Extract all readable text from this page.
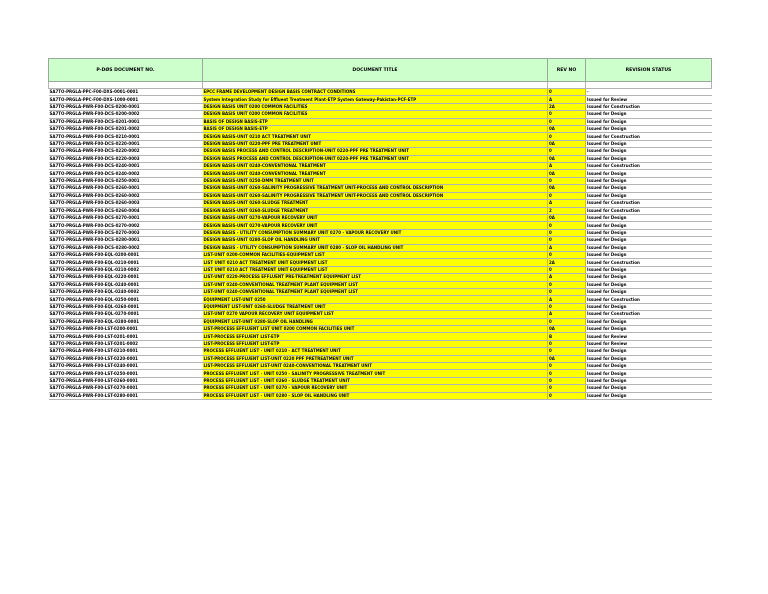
P-DØS DOCUMENT NO.	DOCUMENT TITLE	REV NO	REVISION STATUS

SA7TO-PRGLA-PPC-F00-DXS-0001-0001	EPCC FRAME DEVELOPMENT DESIGN BASIS CONTRACT CONDITIONS	0	-
SA7TO-PRGLA-PPC-F00-DXS-1000-0001	System Integration Study for Effluent Treatment Plant-ETP System Gateway-Pakistan-PCF-ETP	A	Issued for Review
SA7TO-PRGLA-PWR-F00-DCS-0200-0001	DESIGN BASIS UNIT 0200 COMMON FACILITIES	2A	Issued for Construction
SA7TO-PRGLA-PWR-F00-DCS-0200-0002	DESIGN BASIS UNIT 0200 COMMON FACILITIES	0	Issued for Design
SA7TO-PRGLA-PWR-F00-DCS-0201-0001	BASIS OF DESIGN BASIS-ETP	0	Issued for Design
SA7TO-PRGLA-PWR-F00-DCS-0201-0002	BASIS OF DESIGN BASIS-ETP	0A	Issued for Design
SA7TO-PRGLA-PWR-F00-DCS-0210-0001	DESIGN BASIS-UNIT 0210 ACT TREATMENT UNIT	0	Issued for Construction
SA7TO-PRGLA-PWR-F00-DCS-0220-0001	DESIGN BASIS-UNIT 0220-PPF PRE TREATMENT UNIT	0A	Issued for Design
SA7TO-PRGLA-PWR-F00-DCS-0220-0002	DESIGN BASIS PROCESS AND CONTROL DESCRIPTION-UNIT 0220-PPF PRE TREATMENT UNIT	0	Issued for Design
SA7TO-PRGLA-PWR-F00-DCS-0220-0003	DESIGN BASIS PROCESS AND CONTROL DESCRIPTION-UNIT 0220-PPF PRE TREATMENT UNIT	0A	Issued for Design
SA7TO-PRGLA-PWR-F00-DCS-0240-0001	DESIGN BASIS-UNIT 0240-CONVENTIONAL TREATMENT	A	Issued for Construction
SA7TO-PRGLA-PWR-F00-DCS-0240-0002	DESIGN BASIS-UNIT 0240-CONVENTIONAL TREATMENT	0A	Issued for Design
SA7TO-PRGLA-PWR-F00-DCS-0250-0001	DESIGN BASIS-UNIT 0250-DMM TREATMENT UNIT	0	Issued for Design
SA7TO-PRGLA-PWR-F00-DCS-0260-0001	DESIGN BASIS-UNIT 0260-SALINITY PROGRESSIVE TREATMENT UNIT-PROCESS AND CONTROL DESCRIPTION	0A	Issued for Design
SA7TO-PRGLA-PWR-F00-DCS-0260-0002	DESIGN BASIS-UNIT 0260-SALINITY PROGRESSIVE TREATMENT UNIT-PROCESS AND CONTROL DESCRIPTION	0	Issued for Design
SA7TO-PRGLA-PWR-F00-DCS-0260-0003	DESIGN BASIS-UNIT 0260-SLUDGE TREATMENT	A	Issued for Construction
SA7TO-PRGLA-PWR-F00-DCS-0260-0004	DESIGN BASIS-UNIT 0260-SLUDGE TREATMENT	2	Issued for Construction
SA7TO-PRGLA-PWR-F00-DCS-0270-0001	DESIGN BASIS-UNIT 0270-VAPOUR RECOVERY UNIT	0A	Issued for Design
SA7TO-PRGLA-PWR-F00-DCS-0270-0002	DESIGN BASIS-UNIT 0270-VAPOUR RECOVERY UNIT	0	Issued for Design
SA7TO-PRGLA-PWR-F00-DCS-0270-0003	DESIGN BASIS - UTILITY CONSUMPTION SUMMARY UNIT 0270 - VAPOUR RECOVERY UNIT	0	Issued for Design
SA7TO-PRGLA-PWR-F00-DCS-0280-0001	DESIGN BASIS-UNIT 0280-SLOP OIL HANDLING UNIT	0	Issued for Design
SA7TO-PRGLA-PWR-F00-DCS-0280-0002	DESIGN BASIS - UTILITY CONSUMPTION SUMMARY UNIT 0280 - SLOP OIL HANDLING UNIT	A	Issued for Design
SA7TO-PRGLA-PWR-F00-EQL-0200-0001	LIST-UNIT 0200-COMMON FACILITIES-EQUIPMENT LIST	0	Issued for Design
SA7TO-PRGLA-PWR-F00-EQL-0210-0001	LIST UNIT 0210 ACT TREATMENT UNIT EQUIPMENT LIST	2A	Issued for Construction
SA7TO-PRGLA-PWR-F00-EQL-0210-0002	LIST UNIT 0210 ACT TREATMENT UNIT EQUIPMENT LIST	0	Issued for Design
SA7TO-PRGLA-PWR-F00-EQL-0220-0001	LIST-UNIT 0220-PROCESS EFFLUENT PRE-TREATMENT EQUIPMENT LIST	A	Issued for Design
SA7TO-PRGLA-PWR-F00-EQL-0240-0001	LIST-UNIT 0240-CONVENTIONAL TREATMENT PLANT EQUIPMENT LIST	0	Issued for Design
SA7TO-PRGLA-PWR-F00-EQL-0240-0002	LIST-UNIT 0240-CONVENTIONAL TREATMENT PLANT EQUIPMENT LIST	0	Issued for Design
SA7TO-PRGLA-PWR-F00-EQL-0250-0001	EQUIPMENT LIST-UNIT 0250	A	Issued for Construction
SA7TO-PRGLA-PWR-F00-EQL-0260-0001	EQUIPMENT LIST-UNIT 0260-SLUDGE TREATMENT UNIT	0	Issued for Design
SA7TO-PRGLA-PWR-F00-EQL-0270-0001	LIST-UNIT 0270 VAPOUR RECOVERY UNIT EQUIPMENT LIST	A	Issued for Construction
SA7TO-PRGLA-PWR-F00-EQL-0280-0001	EQUIPMENT LIST-UNIT 0280-SLOP OIL HANDLING	0	Issued for Design
SA7TO-PRGLA-PWR-F00-LST-0200-0001	LIST-PROCESS EFFLUENT LIST UNIT 0200 COMMON FACILITIES UNIT	0A	Issued for Design
SA7TO-PRGLA-PWR-F00-LST-0201-0001	LIST-PROCESS EFFLUENT LIST-ETP	B	Issued for Review
SA7TO-PRGLA-PWR-F00-LST-0201-0002	LIST-PROCESS EFFLUENT LIST-ETP	0	Issued for Review
SA7TO-PRGLA-PWR-F00-LST-0210-0001	PROCESS EFFLUENT LIST - UNIT 0210 - ACT TREATMENT UNIT	0	Issued for Design
SA7TO-PRGLA-PWR-F00-LST-0220-0001	LIST-PROCESS EFFLUENT LIST-UNIT 0220 PPF PRETREATMENT UNIT	0A	Issued for Design
SA7TO-PRGLA-PWR-F00-LST-0240-0001	LIST-PROCESS EFFLUENT LIST-UNIT 0240-CONVENTIONAL TREATMENT UNIT	0	Issued for Design
SA7TO-PRGLA-PWR-F00-LST-0250-0001	PROCESS EFFLUENT LIST - UNIT 0250 - SALINITY PROGRESSIVE TREATMENT UNIT	0	Issued for Design
SA7TO-PRGLA-PWR-F00-LST-0260-0001	PROCESS EFFLUENT LIST - UNIT 0260 - SLUDGE TREATMENT UNIT	0	Issued for Design
SA7TO-PRGLA-PWR-F00-LST-0270-0001	PROCESS EFFLUENT LIST - UNIT 0270 - VAPOUR RECOVERY UNIT	0	Issued for Design
SA7TO-PRGLA-PWR-F00-LST-0280-0001	PROCESS EFFLUENT LIST - UNIT 0280 - SLOP OIL HANDLING UNIT	0	Issued for Design
